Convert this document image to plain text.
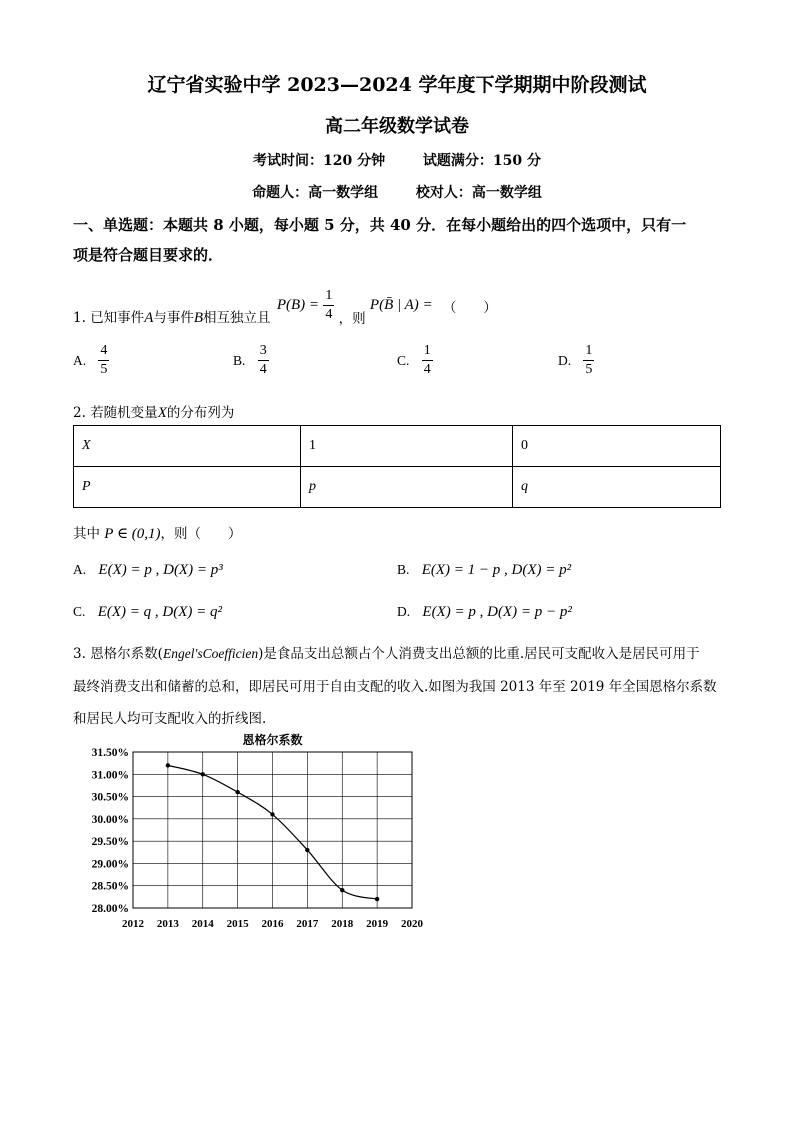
辽宁省实验中学 2023—2024 学年度下学期期中阶段测试
高二年级数学试卷
考试时间：120 分钟	试题满分：150 分
命题人：高一数学组	校对人：高一数学组
一、单选题：本题共 8 小题，每小题 5 分，共 40 分．在每小题给出的四个选项中，只有一
项是符合题目要求的．
1. 已知事件A与事件B相互独立且 $P(B) = \frac{1}{4}$ ，则 P(B̄ | A) = （　　）
A. $\frac{4}{5}$	B. $\frac{3}{4}$	C. $\frac{1}{4}$	D. $\frac{1}{5}$
2. 若随机变量X的分布列为
X	1	0
P	p	q
其中 P ∈ (0,1)，则（　　）
A. E(X) = p , D(X) = p³	B. E(X) = 1 − p , D(X) = p²
C. E(X) = q , D(X) = q²	D. E(X) = p , D(X) = p − p²
3. 恩格尔系数(Engel'sCoefficien)是食品支出总额占个人消费支出总额的比重.居民可支配收入是居民可用于
最终消费支出和储蓄的总和，即居民可用于自由支配的收入.如图为我国 2013 年至 2019 年全国恩格尔系数
和居民人均可支配收入的折线图.
恩格尔系数
31.50%
31.00%
30.50%
30.00%
29.50%
29.00%
28.50%
28.00%
2012 2013 2014 2015 2016 2017 2018 2019 2020
